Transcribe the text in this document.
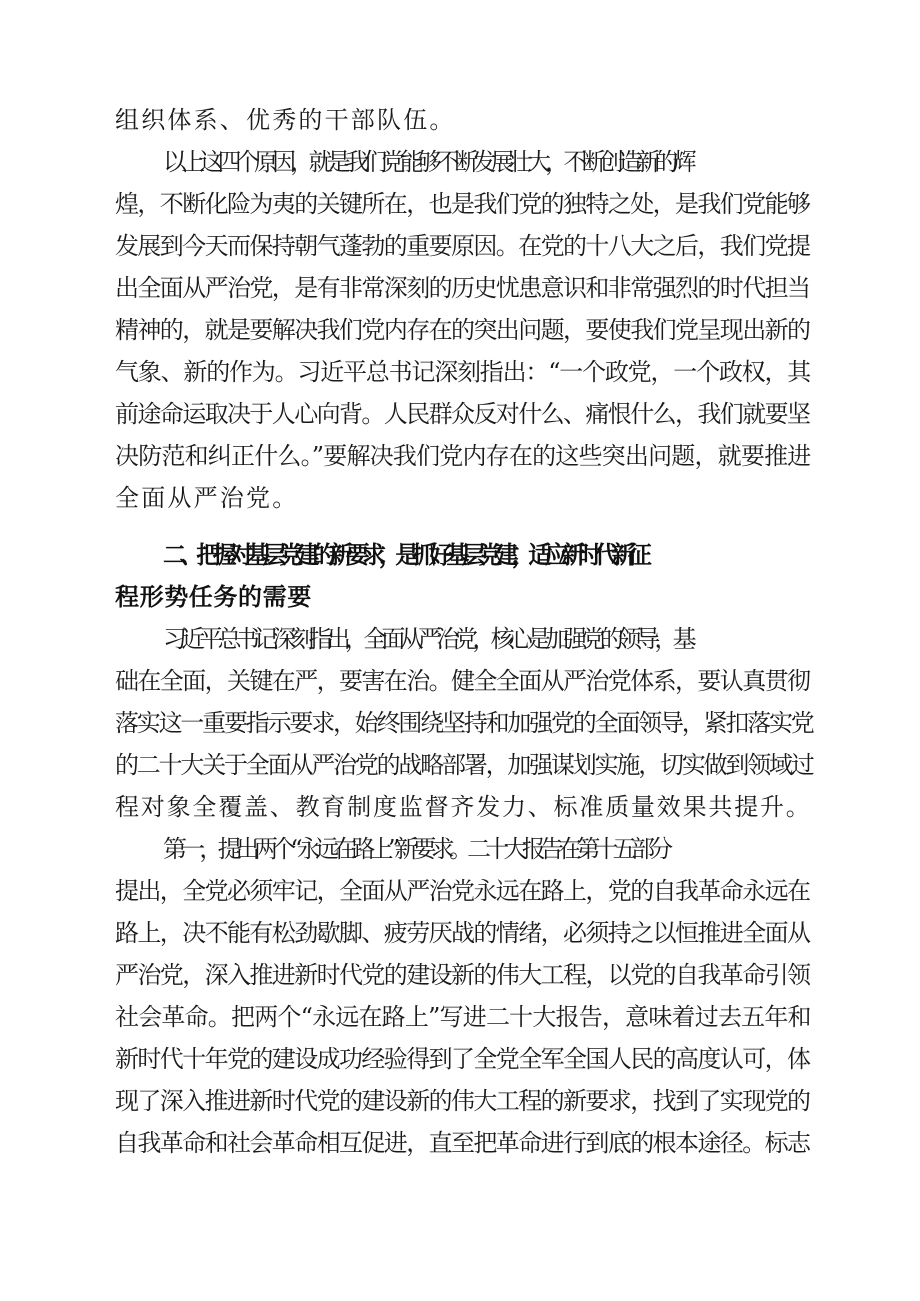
组织体系、优秀的干部队伍。
以上这四个原因，就是我们党能够不断发展壮大，不断创造新的辉
煌，不断化险为夷的关键所在，也是我们党的独特之处，是我们党能够
发展到今天而保持朝气蓬勃的重要原因。在党的十八大之后，我们党提
出全面从严治党，是有非常深刻的历史忧患意识和非常强烈的时代担当
精神的，就是要解决我们党内存在的突出问题，要使我们党呈现出新的
气象、新的作为。习近平总书记深刻指出：“一个政党，一个政权，其
前途命运取决于人心向背。人民群众反对什么、痛恨什么，我们就要坚
决防范和纠正什么。”要解决我们党内存在的这些突出问题，就要推进
全面从严治党。
二、把握对基层党建的新要求，是抓好基层党建，适应新时代新征
程形势任务的需要
习近平总书记深刻指出，全面从严治党，核心是加强党的领导，基
础在全面，关键在严，要害在治。健全全面从严治党体系，要认真贯彻
落实这一重要指示要求，始终围绕坚持和加强党的全面领导，紧扣落实党
的二十大关于全面从严治党的战略部署，加强谋划实施，切实做到领域过
程对象全覆盖、教育制度监督齐发力、标准质量效果共提升。
第一，提出两个“永远在路上”新要求。二十大报告在第十五部分
提出，全党必须牢记，全面从严治党永远在路上，党的自我革命永远在
路上，决不能有松劲歇脚、疲劳厌战的情绪，必须持之以恒推进全面从
严治党，深入推进新时代党的建设新的伟大工程，以党的自我革命引领
社会革命。把两个“永远在路上”写进二十大报告，意味着过去五年和
新时代十年党的建设成功经验得到了全党全军全国人民的高度认可，体
现了深入推进新时代党的建设新的伟大工程的新要求，找到了实现党的
自我革命和社会革命相互促进，直至把革命进行到底的根本途径。标志
